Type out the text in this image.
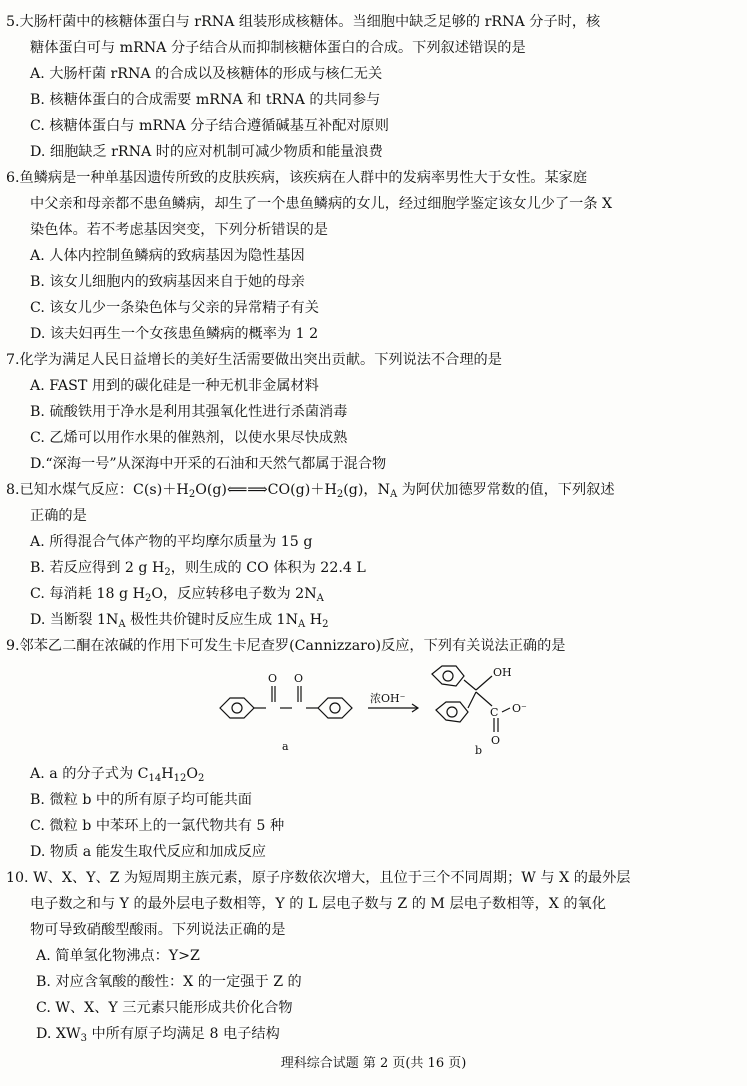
5.大肠杆菌中的核糖体蛋白与 rRNA 组装形成核糖体。当细胞中缺乏足够的 rRNA 分子时，核
糖体蛋白可与 mRNA 分子结合从而抑制核糖体蛋白的合成。下列叙述错误的是
A. 大肠杆菌 rRNA 的合成以及核糖体的形成与核仁无关
B. 核糖体蛋白的合成需要 mRNA 和 tRNA 的共同参与
C. 核糖体蛋白与 mRNA 分子结合遵循碱基互补配对原则
D. 细胞缺乏 rRNA 时的应对机制可减少物质和能量浪费
6.鱼鳞病是一种单基因遗传所致的皮肤疾病，该疾病在人群中的发病率男性大于女性。某家庭
中父亲和母亲都不患鱼鳞病，却生了一个患鱼鳞病的女儿，经过细胞学鉴定该女儿少了一条 X
染色体。若不考虑基因突变，下列分析错误的是
A. 人体内控制鱼鳞病的致病基因为隐性基因
B. 该女儿细胞内的致病基因来自于她的母亲
C. 该女儿少一条染色体与父亲的异常精子有关
D. 该夫妇再生一个女孩患鱼鳞病的概率为 1 2
7.化学为满足人民日益增长的美好生活需要做出突出贡献。下列说法不合理的是
A. FAST 用到的碳化硅是一种无机非金属材料
B. 硫酸铁用于净水是利用其强氧化性进行杀菌消毒
C. 乙烯可以用作水果的催熟剂，以使水果尽快成熟
D.“深海一号”从深海中开采的石油和天然气都属于混合物
8.已知水煤气反应：$C(s)+H_2O(g)⟸⟹CO(g)+H_2(g)$，$N_A$ 为阿伏加德罗常数的值，下列叙述
正确的是
A. 所得混合气体产物的平均摩尔质量为 15 g
B. 若反应得到 2 g $H_2$，则生成的 CO 体积为 22.4 L
C. 每消耗 18 g $H_2O$，反应转移电子数为 $2N_A$
D. 当断裂 $1N_A$ 极性共价键时反应生成 $1N_A$ $H_2$
9.邻苯乙二酮在浓碱的作用下可发生卡尼查罗(Cannizzaro)反应，下列有关说法正确的是
O O
浓OH⁻
OH
C O⁻
O
a	b
A. a 的分子式为 $C_{14}H_{12}O_2$
B. 微粒 b 中的所有原子均可能共面
C. 微粒 b 中苯环上的一氯代物共有 5 种
D. 物质 a 能发生取代反应和加成反应
10. W、X、Y、Z 为短周期主族元素，原子序数依次增大，且位于三个不同周期；W 与 X 的最外层
电子数之和与 Y 的最外层电子数相等，Y 的 L 层电子数与 Z 的 M 层电子数相等，X 的氧化
物可导致硝酸型酸雨。下列说法正确的是
A. 简单氢化物沸点：Y>Z
B. 对应含氧酸的酸性：X 的一定强于 Z 的
C. W、X、Y 三元素只能形成共价化合物
D. $XW_3$ 中所有原子均满足 8 电子结构
理科综合试题 第 2 页(共 16 页)
